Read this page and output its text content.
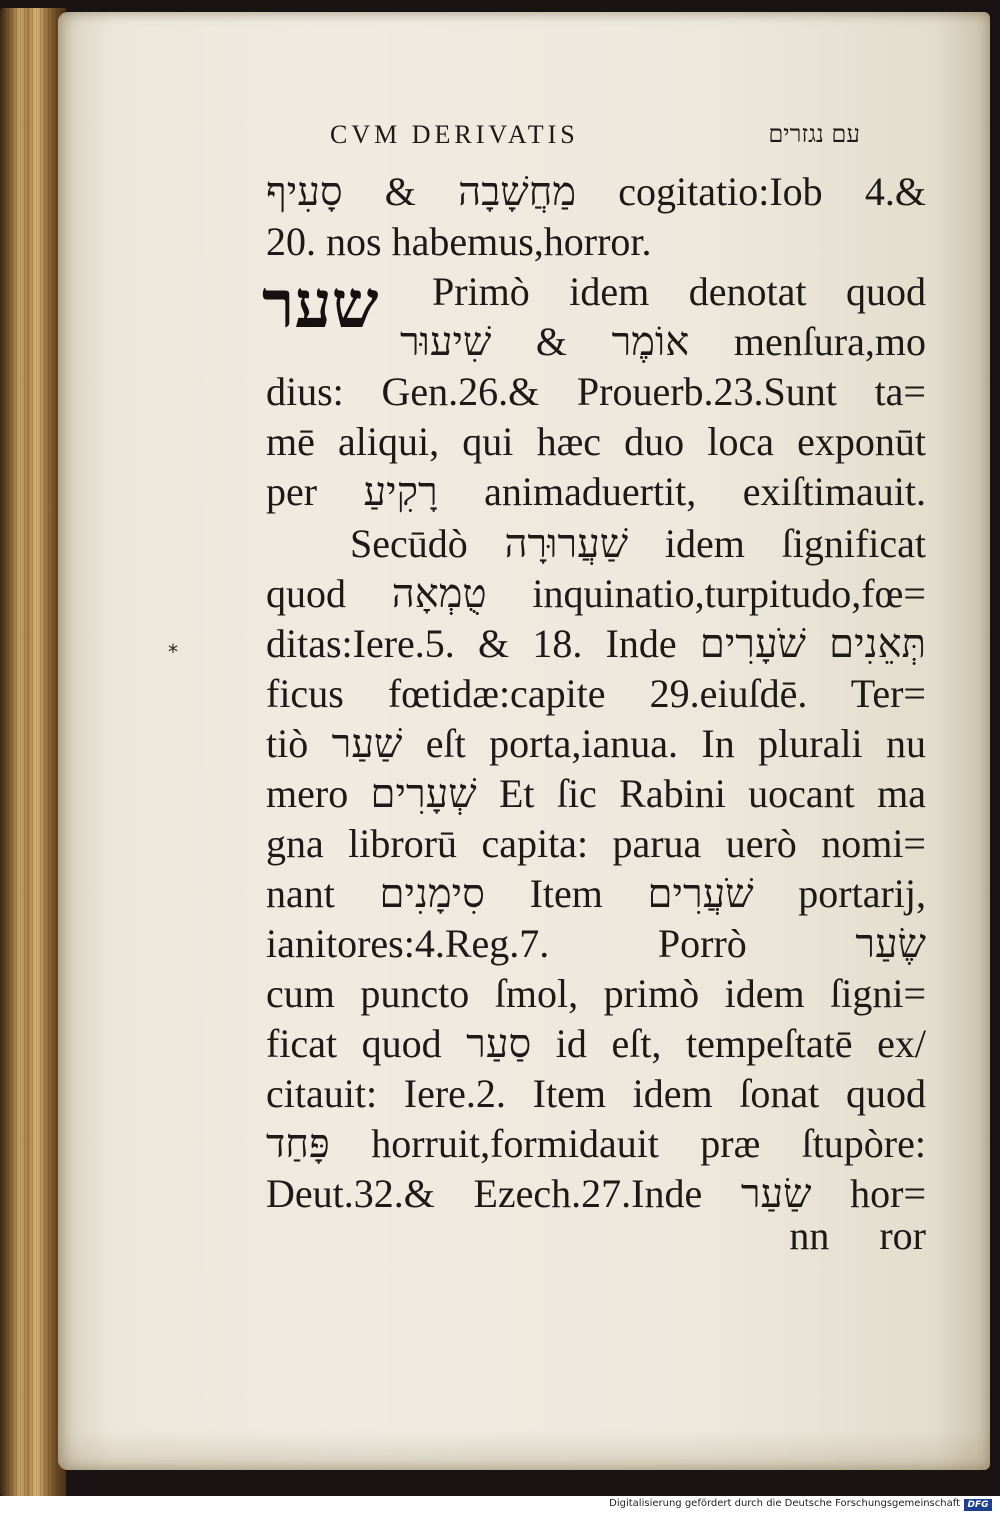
CVM DERIVATIS	עם נגזרים
שער
*
מַחֲשָׁבָה & סָעִיף cogitatio:Iob 4.&
20. nos habemus,horror.
Primò idem denotat quod
אוֹמֶר & שִׁיעוּר menſura,mo
dius: Gen.26.& Prouerb.23.Sunt ta=
mē aliqui, qui hæc duo loca exponūt
per רָקִיעַ animaduertit, exiſtimauit.
Secūdò שַׁעֲרוּרָה idem ſignificat
quod טֻמְאָה inquinatio,turpitudo,fœ=
ditas:Iere.5. & 18. Inde תְּאֵנִים שֹׁעָרִים
ficus fœtidæ:capite 29.eiuſdē. Ter=
tiò שַׁעַר eſt porta,ianua. In plurali nu
mero שְׁעָרִים Et ſic Rabini uocant ma
gna librorū capita: parua uerò nomi=
nant סִימָנִים Item שֹׁעֲרִים portarij,
ianitores:4.Reg.7. Porrò שֶׂעַר
cum puncto ſmol, primò idem ſigni=
ficat quod סַעַר id eſt, tempeſtatē ex/
citauit: Iere.2. Item idem ſonat quod
פָּחַד horruit,formidauit præ ſtupòre:
Deut.32.& Ezech.27.Inde שַׂעַר hor=
nn     ror
Digitalisierung gefördert durch die Deutsche Forschungsgemeinschaft DFG
